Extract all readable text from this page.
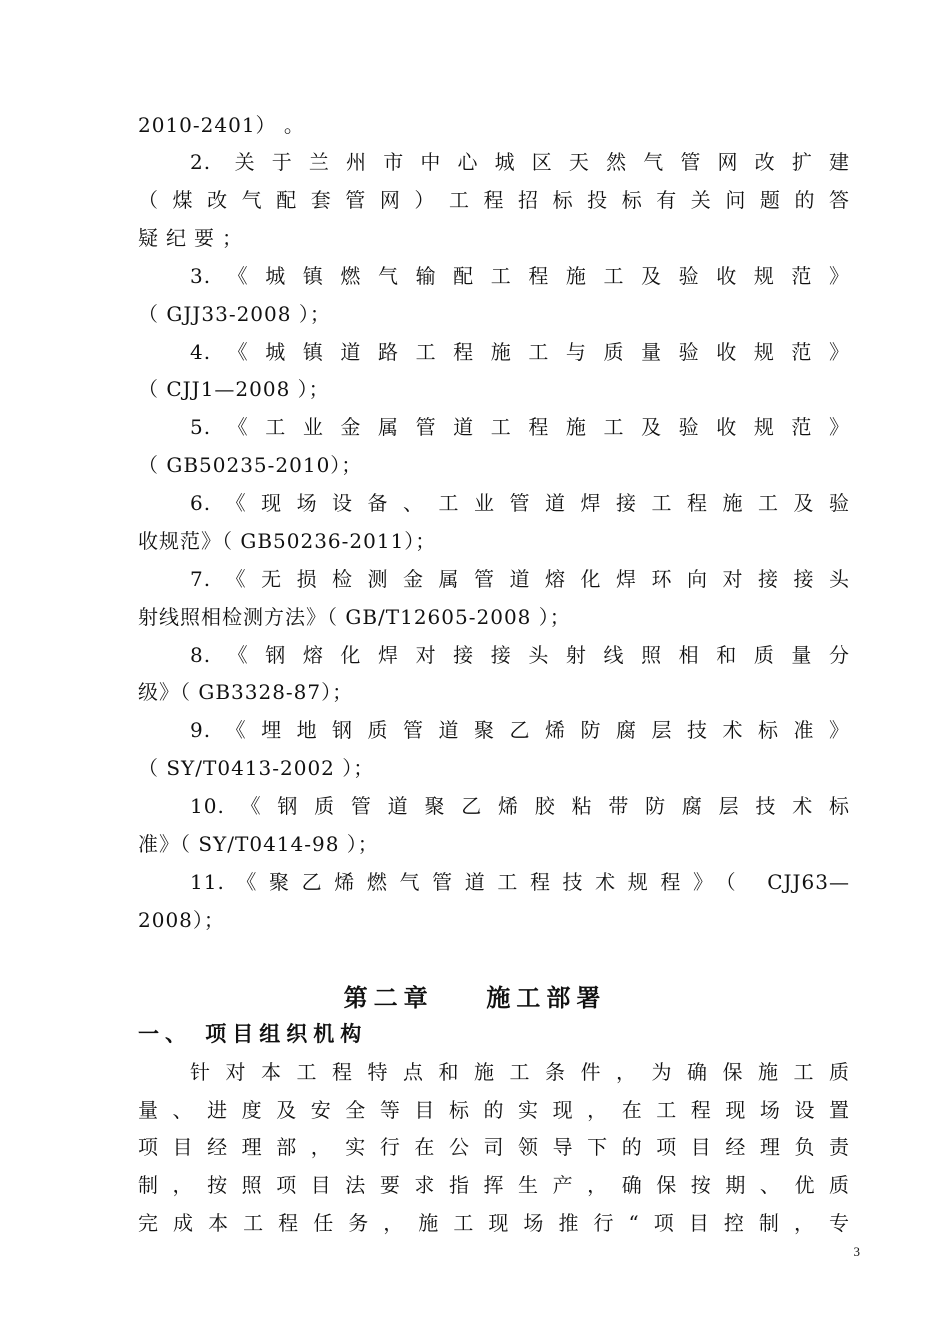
2010-2401） 。
2. 关于兰州市中心城区天然气管网改扩建
（煤改气配套管网）工程招标投标有关问题的答
疑纪要；
3.《城镇燃气输配工程施工及验收规范》
（ GJJ33-2008 ）；
4.《城镇道路工程施工与质量验收规范》
（ CJJ1—2008 ）；
5.《工业金属管道工程施工及验收规范》
（ GB50235-2010）；
6.《现场设备、工业管道焊接工程施工及验
收规范》（ GB50236-2011）；
7.《无损检测金属管道熔化焊环向对接接头
射线照相检测方法》（ GB/T12605-2008 ）；
8.《钢熔化焊对接接头射线照相和质量分
级》（ GB3328-87）；
9.《埋地钢质管道聚乙烯防腐层技术标准》
（ SY/T0413-2002 ）；
10.《钢质管道聚乙烯胶粘带防腐层技术标
准》（ SY/T0414-98 ）；
11.《聚乙烯燃气管道工程技术规程》（ CJJ63—
2008）；
第二章 施工部署
一、 项目组织机构
针对本工程特点和施工条件，为确保施工质
量、进度及安全等目标的实现，在工程现场设置
项目经理部，实行在公司领导下的项目经理负责
制，按照项目法要求指挥生产，确保按期、优质
完成本工程任务，施工现场推行“项目控制，专
3
